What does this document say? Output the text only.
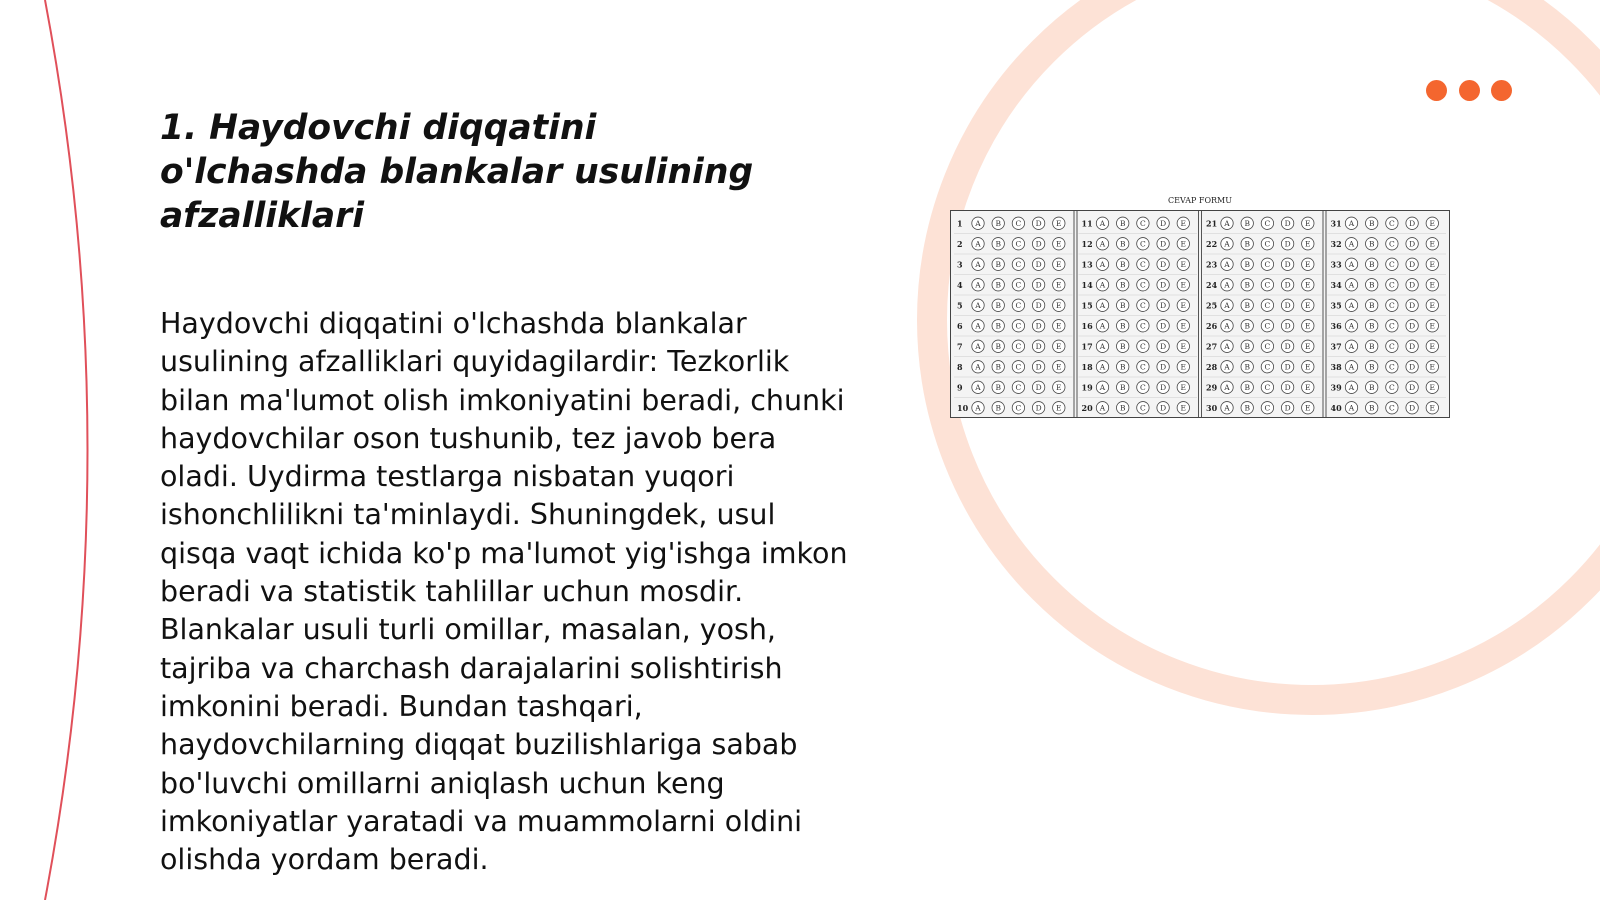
1. Haydovchi diqqatini o'lchashda blankalar usulining afzalliklari

Haydovchi diqqatini o'lchashda blankalar usulining afzalliklari quyidagilardir: Tezkorlik bilan ma'lumot olish imkoniyatini beradi, chunki haydovchilar oson tushunib, tez javob bera oladi. Uydirma testlarga nisbatan yuqori ishonchlilikni ta'minlaydi. Shuningdek, usul qisqa vaqt ichida ko'p ma'lumot yig'ishga imkon beradi va statistik tahlillar uchun mosdir. Blankalar usuli turli omillar, masalan, yosh, tajriba va charchash darajalarini solishtirish imkonini beradi. Bundan tashqari, haydovchilarning diqqat buzilishlariga sabab bo'luvchi omillarni aniqlash uchun keng imkoniyatlar yaratadi va muammolarni oldini olishda yordam beradi.

CEVAP FORMU
1 A B C D E
2 A B C D E
3 A B C D E
4 A B C D E
5 A B C D E
6 A B C D E
7 A B C D E
8 A B C D E
9 A B C D E
10 A B C D E
11 A B C D E
12 A B C D E
13 A B C D E
14 A B C D E
15 A B C D E
16 A B C D E
17 A B C D E
18 A B C D E
19 A B C D E
20 A B C D E
21 A B C D E
22 A B C D E
23 A B C D E
24 A B C D E
25 A B C D E
26 A B C D E
27 A B C D E
28 A B C D E
29 A B C D E
30 A B C D E
31 A B C D E
32 A B C D E
33 A B C D E
34 A B C D E
35 A B C D E
36 A B C D E
37 A B C D E
38 A B C D E
39 A B C D E
40 A B C D E
